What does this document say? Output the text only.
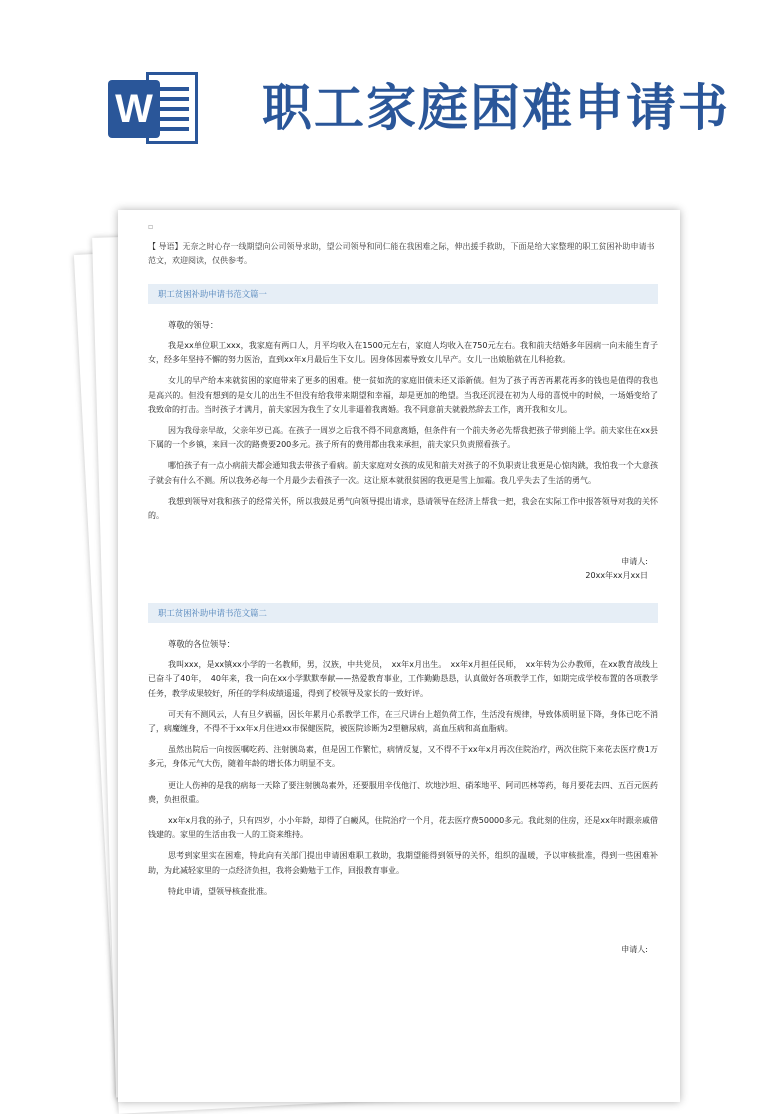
W 职工家庭困难申请书
▫

【 导语】无奈之时心存一线期望向公司领导求助，望公司领导和同仁能在我困难之际，伸出援手救助，下面是给大家整理的职工贫困补助申请书范文，欢迎阅读，仅供参考。

职工贫困补助申请书范文篇一

尊敬的领导：

我是xx单位职工xxx，我家庭有两口人，月平均收入在1500元左右，家庭人均收入在750元左右。我和前夫结婚多年因病一向未能生育子女，经多年坚持不懈的努力医治，直到xx年x月最后生下女儿。因身体因素导致女儿早产。女儿一出娘胎就在儿科抢救。

女儿的早产给本来就贫困的家庭带来了更多的困难。使一贫如洗的家庭旧债未还又添新债。但为了孩子再苦再累花再多的钱也是值得的我也是高兴的。但没有想到的是女儿的出生不但没有给我带来期望和幸福，却是更加的绝望。当我还沉浸在初为人母的喜悦中的时候，一场婚变给了我致命的打击。当时孩子才满月，前夫家因为我生了女儿非逼着我离婚。我不同意前夫就毅然辞去工作，离开我和女儿。

因为我母亲早故，父亲年岁已高。在孩子一周岁之后我不得不同意离婚，但条件有一个前夫务必先帮我把孩子带到能上学。前夫家住在xx县下属的一个乡镇，来回一次的路费要200多元。孩子所有的费用都由我来承担，前夫家只负责照看孩子。

哪怕孩子有一点小病前夫都会通知我去带孩子看病。前夫家庭对女孩的成见和前夫对孩子的不负职责让我更是心惊肉跳，我怕我一个大意孩子就会有什么不测。所以我务必每一个月最少去看孩子一次。这让原本就很贫困的我更是雪上加霜。我几乎失去了生活的勇气。

我想到领导对我和孩子的经常关怀，所以我鼓足勇气向领导提出请求，恳请领导在经济上帮我一把，我会在实际工作中报答领导对我的关怀的。

申请人:

20xx年xx月xx日

职工贫困补助申请书范文篇二

尊敬的各位领导：

我叫xxx，是xx镇xx小学的一名教师，男，汉族，中共党员，　xx年x月出生。　xx年x月担任民师，　xx年转为公办教师，在xx教育战线上已奋斗了40年，　40年来，我一向在xx小学默默奉献——热爱教育事业，工作勤勤恳恳，认真做好各项教学工作，如期完成学校布置的各项教学任务，教学成果较好，所任的学科成绩遥遥，得到了校领导及家长的一致好评。

可天有不测风云，人有旦夕祸福，因长年累月心系教学工作，在三尺讲台上超负荷工作，生活没有规律，导致体质明显下降，身体已吃不消了，病魔缠身，不得不于xx年x月住进xx市保健医院，被医院诊断为2型糖尿病，高血压病和高血脂病。

虽然出院后一向按医嘱吃药、注射胰岛素，但是因工作繁忙，病情反复，又不得不于xx年x月再次住院治疗，两次住院下来花去医疗费1万多元，身体元气大伤，随着年龄的增长体力明显不支。

更让人伤神的是我的病每一天除了要注射胰岛素外，还要服用辛伐他汀、坎地沙坦、硝苯地平、阿司匹林等药，每月要花去四、五百元医药费，负担很重。

xx年x月我的孙子，只有四岁，小小年龄，却得了白癜风，住院治疗一个月，花去医疗费50000多元。我此刻的住房，还是xx年时跟亲戚借钱建的。家里的生活由我一人的工资来维持。

思考到家里实在困难，特此向有关部门提出申请困难职工救助，我期望能得到领导的关怀，组织的温暖，予以审核批准，得到一些困难补助，为此减轻家里的一点经济负担，我将会勤勉于工作，回报教育事业。

特此申请，望领导核查批准。

申请人:
